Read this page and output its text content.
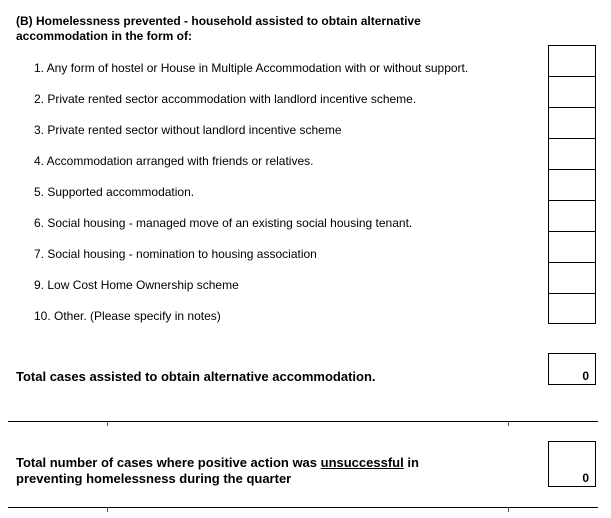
(B) Homelessness prevented - household assisted to obtain alternative
accommodation in the form of:
1. Any form of hostel or House in Multiple Accommodation with or without support.
2. Private rented sector accommodation with landlord incentive scheme.
3. Private rented sector without landlord incentive scheme
4. Accommodation arranged with friends or relatives.
5. Supported accommodation.
6. Social housing - managed move of an existing social housing tenant.
7. Social housing - nomination to housing association
9. Low Cost Home Ownership scheme
10. Other. (Please specify in notes)
Total cases assisted to obtain alternative accommodation.	0
Total number of cases where positive action was unsuccessful in
preventing homelessness during the quarter	0
